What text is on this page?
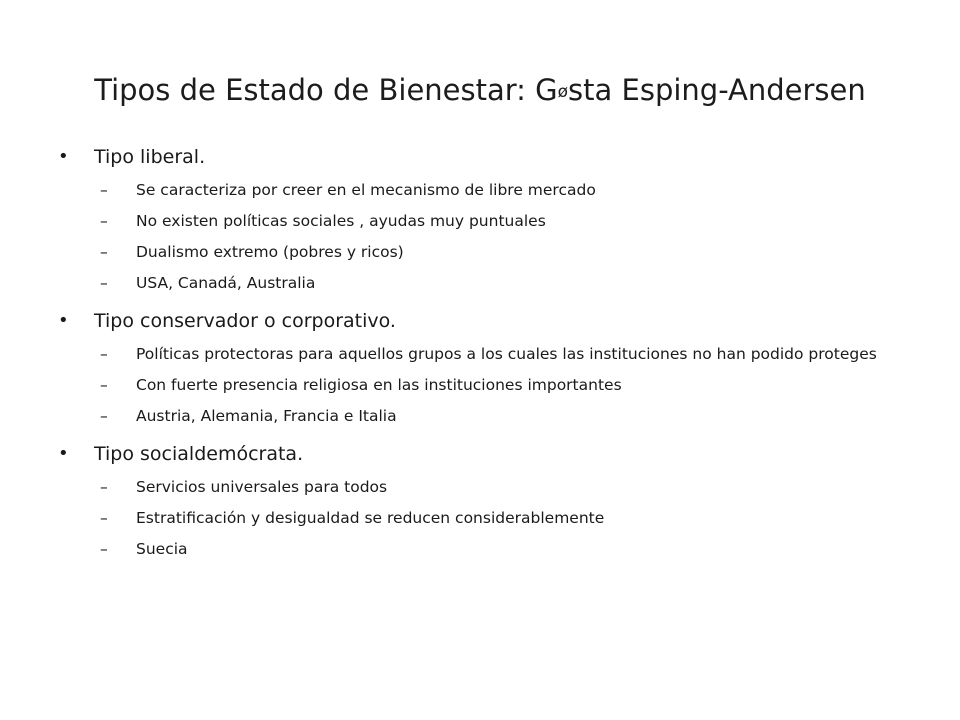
Tipos de Estado de Bienestar: Gøsta Esping-Andersen
•	Tipo liberal.
–	Se caracteriza por creer en el mecanismo de libre mercado
–	No existen políticas sociales , ayudas muy puntuales
–	Dualismo extremo (pobres y ricos)
–	USA, Canadá, Australia
•	Tipo conservador o corporativo.
–	Políticas protectoras para aquellos grupos a los cuales las instituciones no han podido proteges
–	Con fuerte presencia religiosa en las instituciones importantes
–	Austria, Alemania, Francia e Italia
•	Tipo socialdemócrata.
–	Servicios universales para todos
–	Estratificación y desigualdad se reducen considerablemente
–	Suecia
